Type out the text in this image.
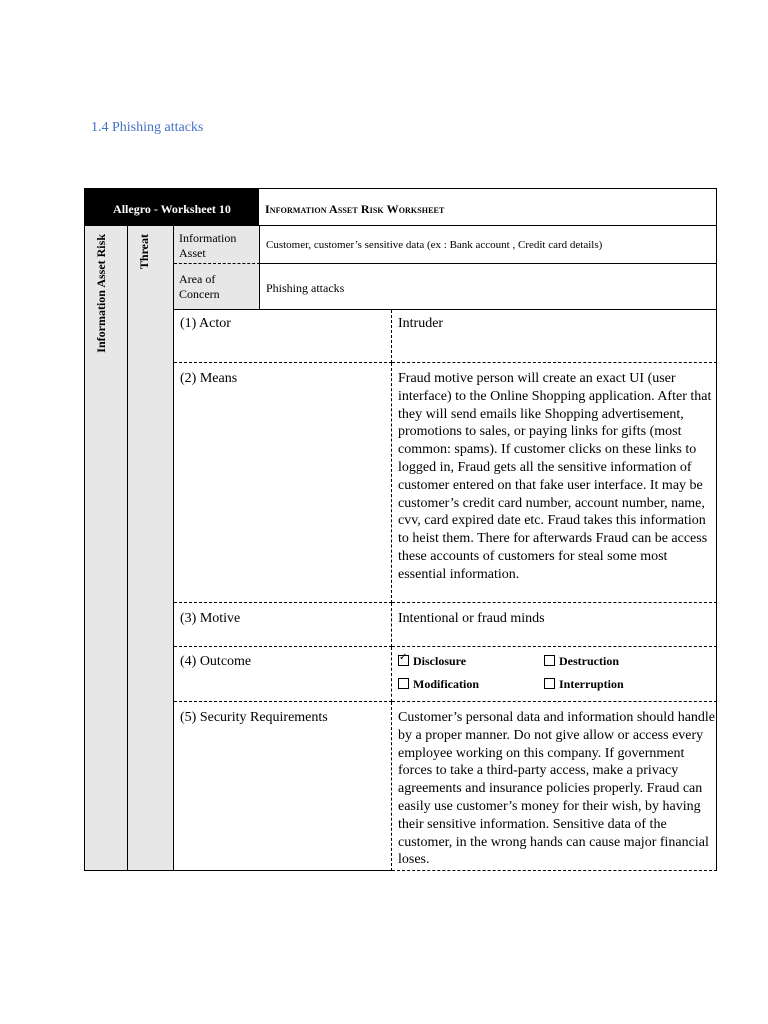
1.4 Phishing attacks
Allegro - Worksheet 10	Information Asset Risk Worksheet
Information Asset Risk Threat Information Asset
Customer, customer’s sensitive data (ex : Bank account , Credit card details)
Area of Concern	Phishing attacks
(1) Actor	Intruder
(2) Means	Fraud motive person will create an exact UI (user interface) to the Online Shopping application. After that they will send emails like Shopping advertisement, promotions to sales, or paying links for gifts (most common: spams). If customer clicks on these links to logged in, Fraud gets all the sensitive information of customer entered on that fake user interface. It may be customer’s credit card number, account number, name, cvv, card expired date etc. Fraud takes this information to heist them. There for afterwards Fraud can be access these accounts of customers for steal some most essential information.
(3) Motive	Intentional or fraud minds
(4) Outcome
✓	Disclosure	Destruction
Modification	Interruption
(5) Security Requirements	Customer’s personal data and information should handle by a proper manner. Do not give allow or access every employee working on this company. If government forces to take a third-party access, make a privacy agreements and insurance policies properly. Fraud can easily use customer’s money for their wish, by having their sensitive information. Sensitive data of the customer, in the wrong hands can cause major financial loses.
